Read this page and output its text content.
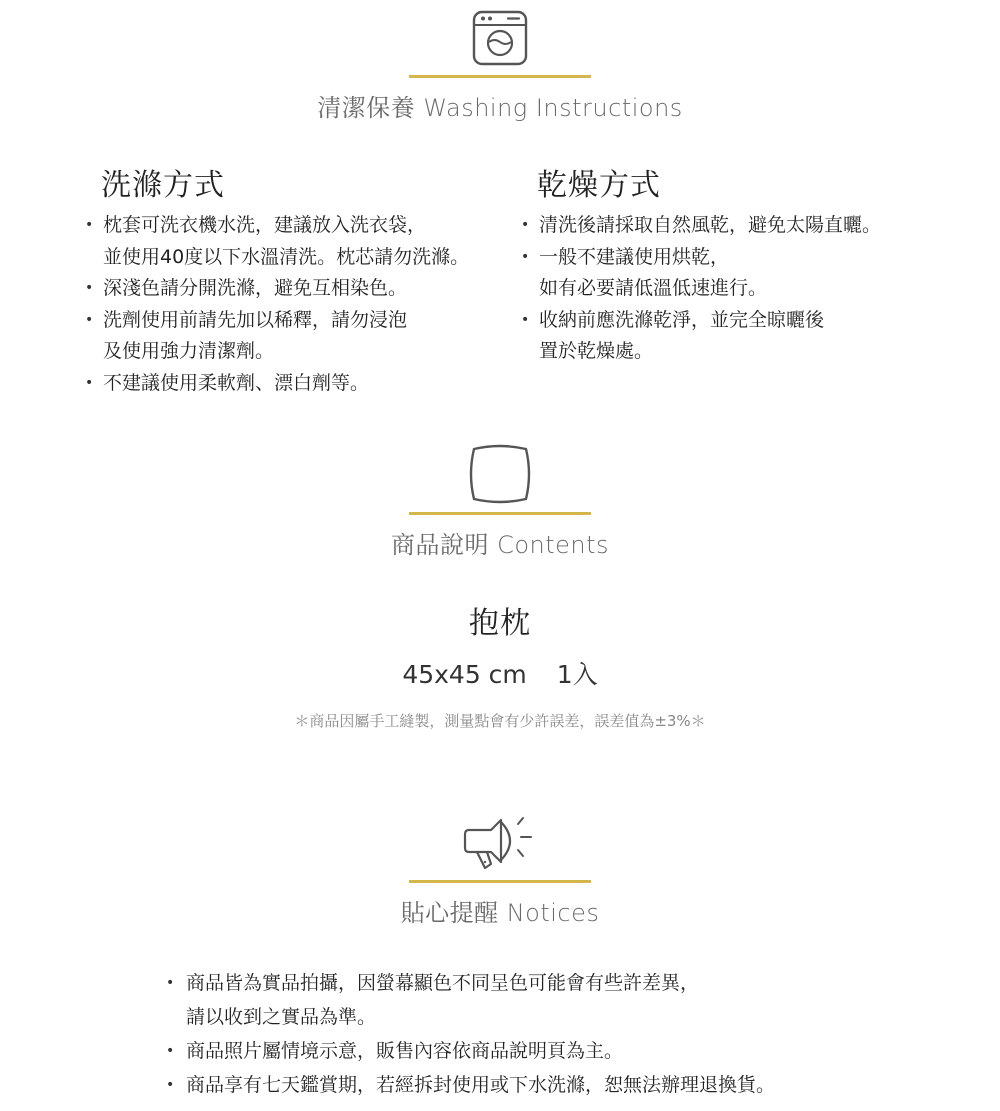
清潔保養 Washing Instructions
洗滌方式
• 枕套可洗衣機水洗，建議放入洗衣袋，
並使用40度以下水溫清洗。枕芯請勿洗滌。
• 深淺色請分開洗滌，避免互相染色。
• 洗劑使用前請先加以稀釋，請勿浸泡
及使用強力清潔劑。
• 不建議使用柔軟劑、漂白劑等。
乾燥方式
• 清洗後請採取自然風乾，避免太陽直曬。
• 一般不建議使用烘乾，
如有必要請低溫低速進行。
• 收納前應洗滌乾淨，並完全晾曬後
置於乾燥處。
商品說明 Contents

抱枕

45x45 cm 1入

＊商品因屬手工縫製，測量點會有少許誤差，誤差值為±3%＊

貼心提醒 Notices
• 商品皆為實品拍攝，因螢幕顯色不同呈色可能會有些許差異，
請以收到之實品為準。
• 商品照片屬情境示意，販售內容依商品說明頁為主。
• 商品享有七天鑑賞期，若經拆封使用或下水洗滌，恕無法辦理退換貨。
